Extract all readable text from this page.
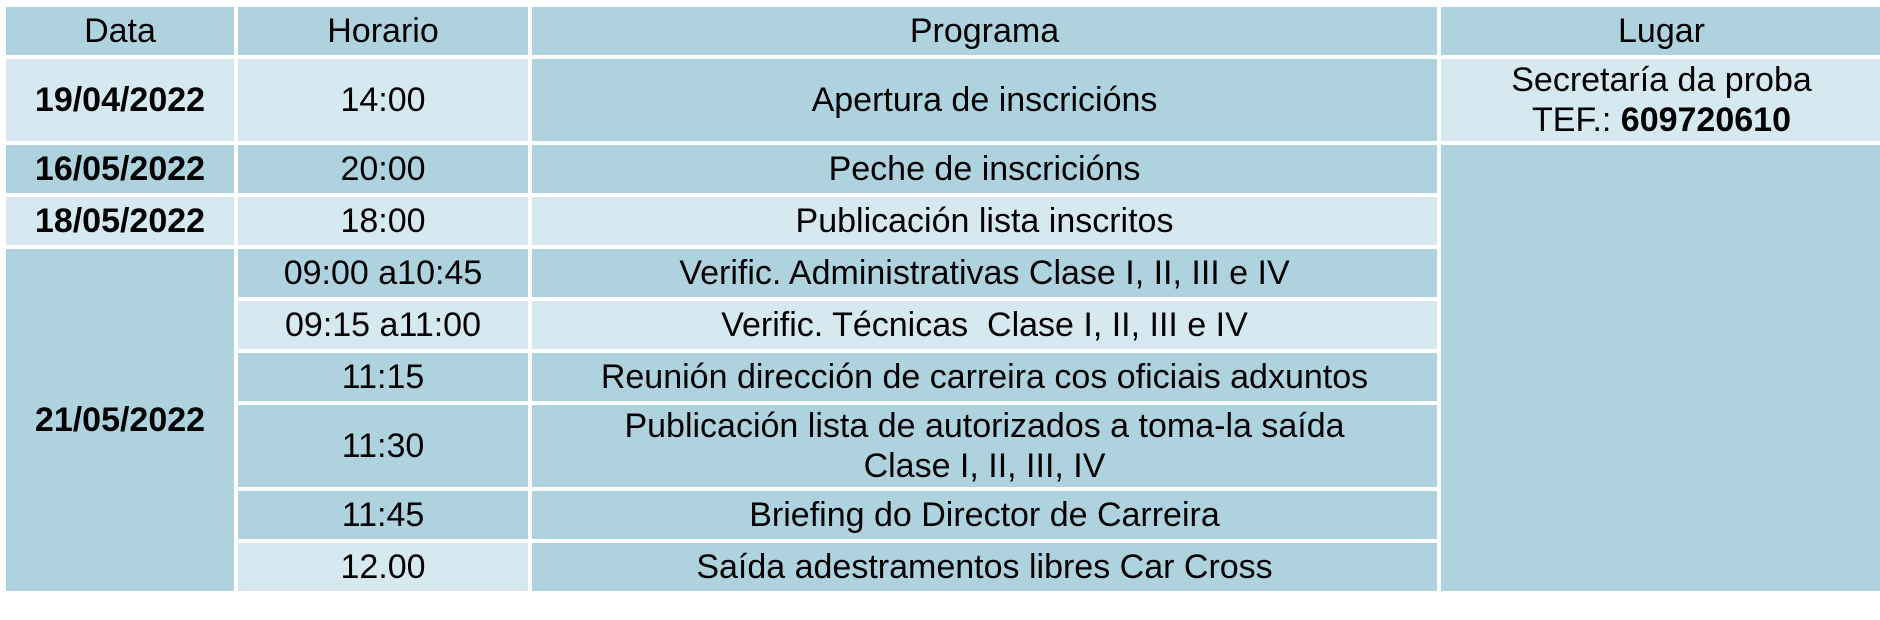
Data	Horario	Programa	Lugar
19/04/2022	14:00	Apertura de inscricións	Secretaría da proba
TEF.: 609720610
16/05/2022	20:00	Peche de inscricións	
18/05/2022	18:00	Publicación lista inscritos	
21/05/2022	09:00 a10:45	Verific. Administrativas Clase I, II, III e IV	
	09:15 a11:00	Verific. Técnicas  Clase I, II, III e IV	
	11:15	Reunión dirección de carreira cos oficiais adxuntos	
	11:30	Publicación lista de autorizados a toma-la saída
Clase I, II, III, IV	
	11:45	Briefing do Director de Carreira	
	12.00	Saída adestramentos libres Car Cross	
